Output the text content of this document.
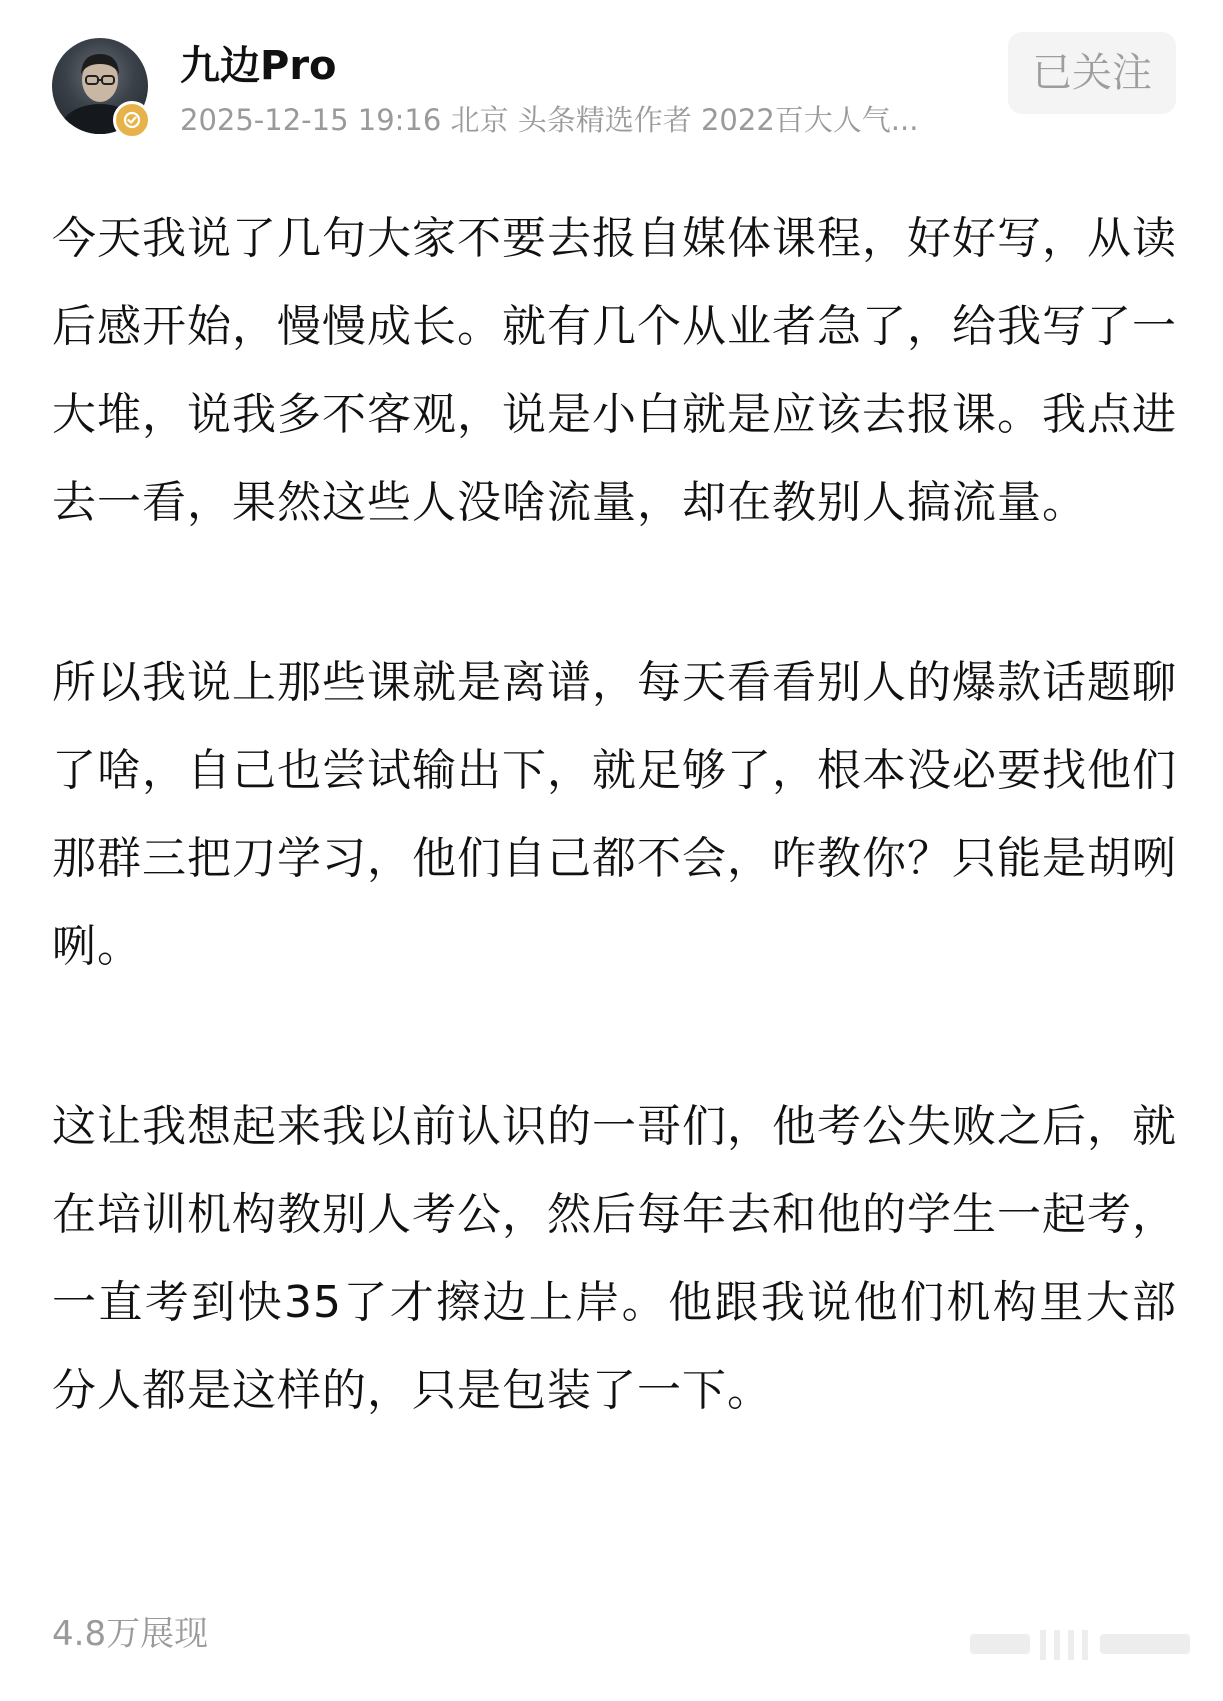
九边Pro
2025-12-15 19:16 北京 头条精选作者 2022百大人气...
已关注

今天我说了几句大家不要去报自媒体课程，好好写，从读后感开始，慢慢成长。就有几个从业者急了，给我写了一大堆，说我多不客观，说是小白就是应该去报课。我点进去一看，果然这些人没啥流量，却在教别人搞流量。

所以我说上那些课就是离谱，每天看看别人的爆款话题聊了啥，自己也尝试输出下，就足够了，根本没必要找他们那群三把刀学习，他们自己都不会，咋教你？只能是胡咧咧。

这让我想起来我以前认识的一哥们，他考公失败之后，就在培训机构教别人考公，然后每年去和他的学生一起考，一直考到快35了才擦边上岸。他跟我说他们机构里大部分人都是这样的，只是包装了一下。

4.8万展现
